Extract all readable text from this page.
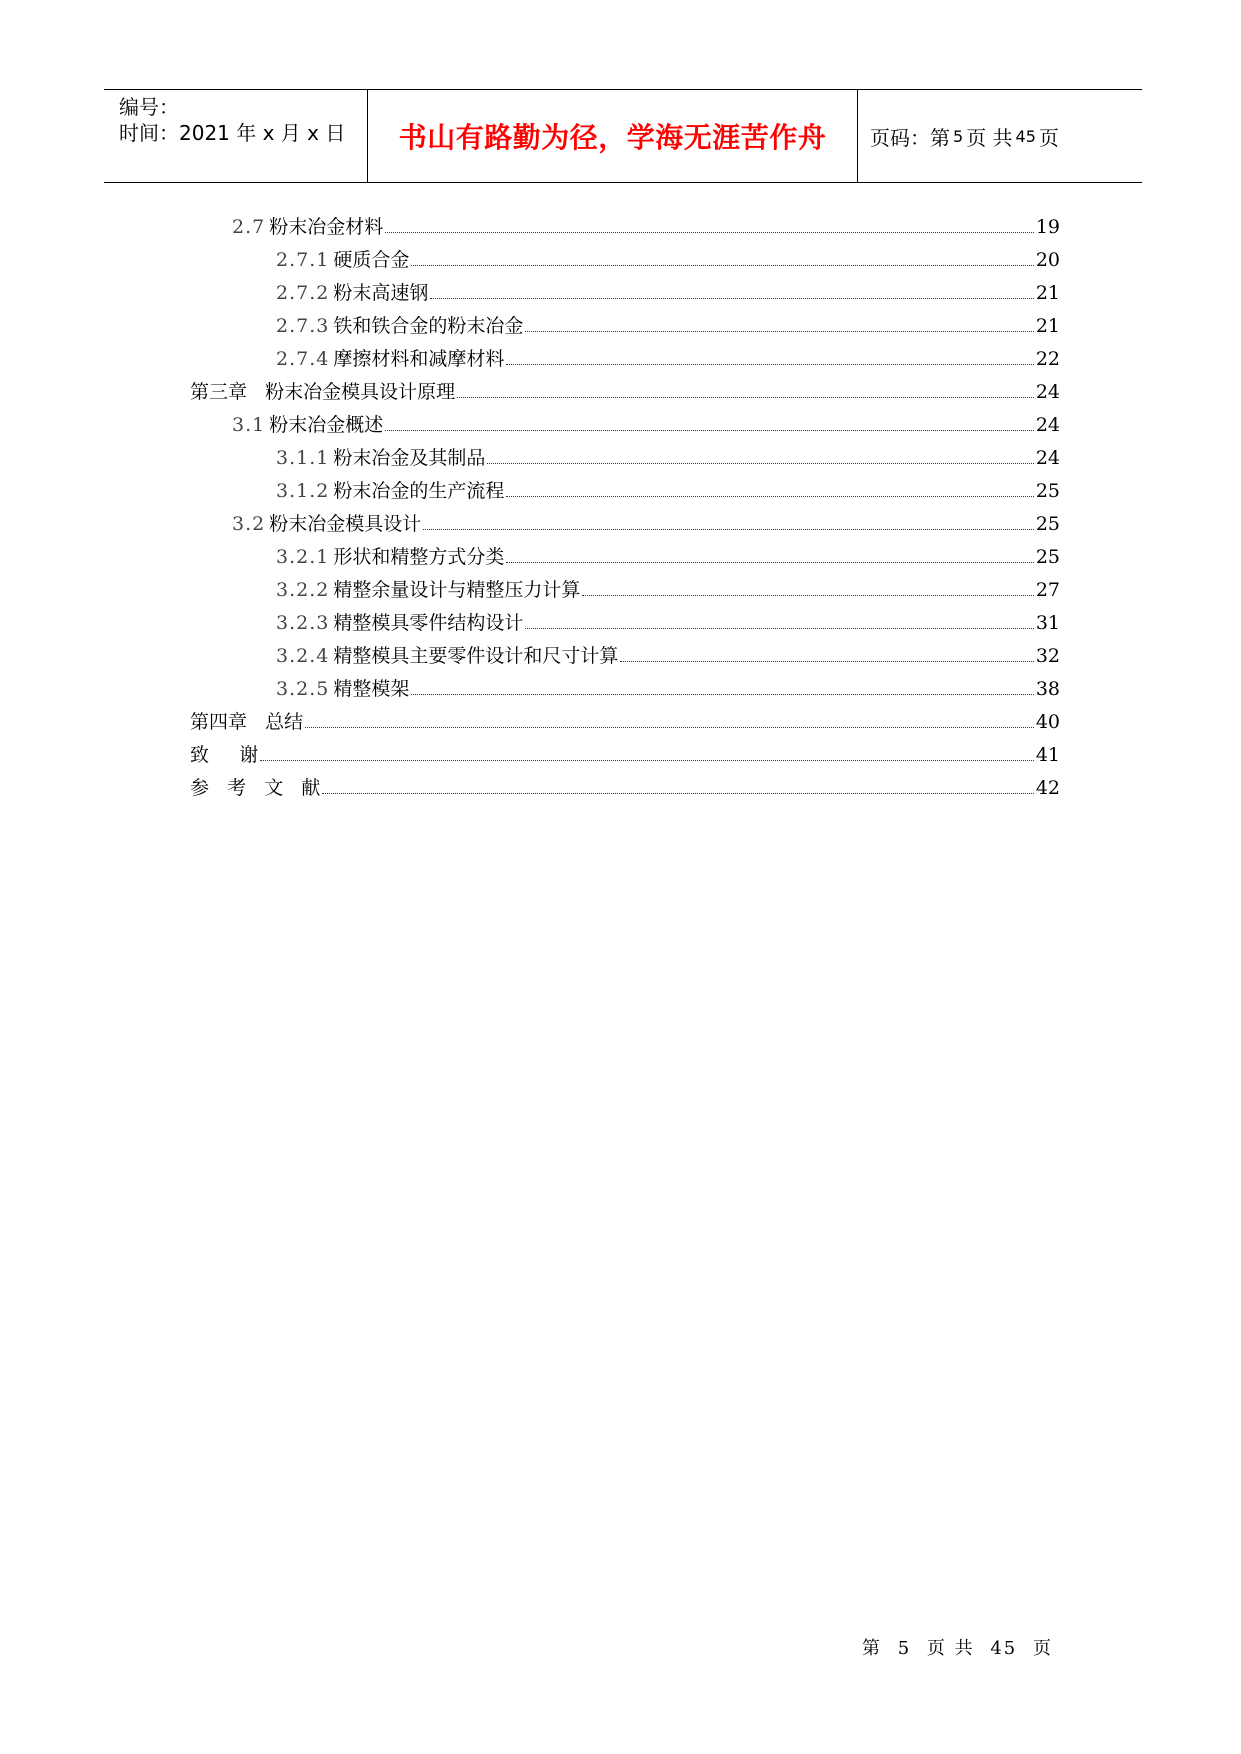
编号：
时间：2021 年 x 月 x 日	书山有路勤为径，学海无涯苦作舟	页码：第 5 页 共 45 页
2.7 粉末冶金材料	19
2.7.1 硬质合金	20
2.7.2 粉末高速钢	21
2.7.3 铁和铁合金的粉末冶金	21
2.7.4 摩擦材料和减摩材料	22
第三章   粉末冶金模具设计原理	24
3.1 粉末冶金概述	24
3.1.1 粉末冶金及其制品	24
3.1.2 粉末冶金的生产流程	25
3.2 粉末冶金模具设计	25
3.2.1 形状和精整方式分类	25
3.2.2 精整余量设计与精整压力计算	27
3.2.3 精整模具零件结构设计	31
3.2.4 精整模具主要零件设计和尺寸计算	32
3.2.5 精整模架	38
第四章   总结	40
致     谢	41
参   考   文   献	42
第 5 页 共 45 页
